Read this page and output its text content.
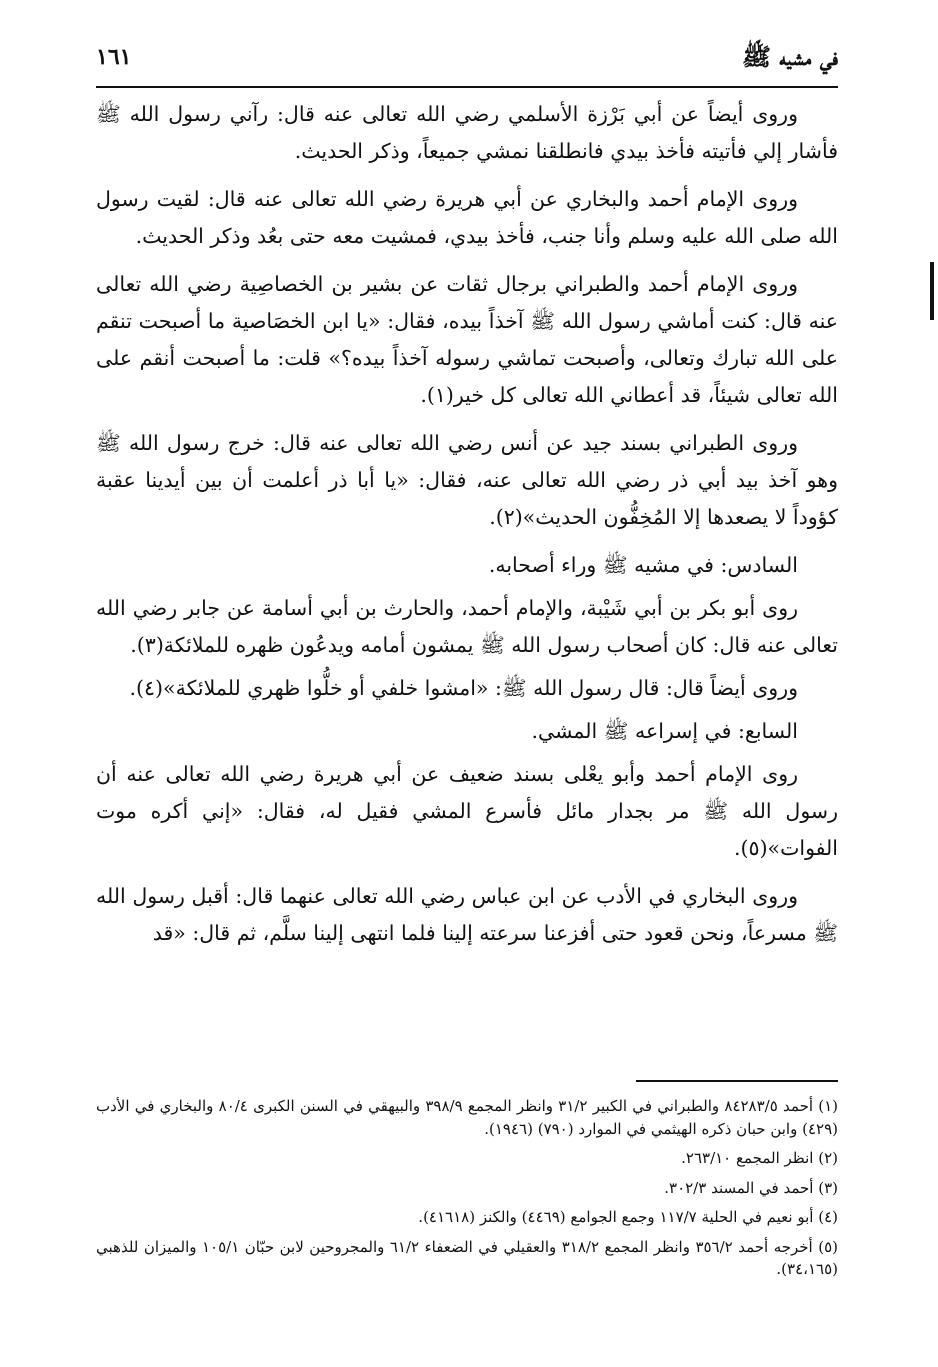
في مشيه ﷺ
١٦١

وروى أيضاً عن أبي بَرْزة الأسلمي رضي الله تعالى عنه قال: رآني رسول الله ﷺ فأشار إلي فأتيته فأخذ بيدي فانطلقنا نمشي جميعاً، وذكر الحديث.

وروى الإمام أحمد والبخاري عن أبي هريرة رضي الله تعالى عنه قال: لقيت رسول الله صلى الله عليه وسلم وأنا جنب، فأخذ بيدي، فمشيت معه حتى بعُد وذكر الحديث.

وروى الإمام أحمد والطبراني برجال ثقات عن بشير بن الخصاصِية رضي الله تعالى عنه قال: كنت أماشي رسول الله ﷺ آخذاً بيده، فقال: «يا ابن الخصَاصية ما أصبحت تنقم على الله تبارك وتعالى، وأصبحت تماشي رسوله آخذاً بيده؟» قلت: ما أصبحت أنقم على الله تعالى شيئاً، قد أعطاني الله تعالى كل خير(١).

وروى الطبراني بسند جيد عن أنس رضي الله تعالى عنه قال: خرج رسول الله ﷺ وهو آخذ بيد أبي ذر رضي الله تعالى عنه، فقال: «يا أبا ذر أعلمت أن بين أيدينا عقبة كؤوداً لا يصعدها إلا المُخِفُّون الحديث»(٢).

السادس: في مشيه ﷺ وراء أصحابه.

روى أبو بكر بن أبي شَيْبة، والإمام أحمد، والحارث بن أبي أسامة عن جابر رضي الله تعالى عنه قال: كان أصحاب رسول الله ﷺ يمشون أمامه ويدعُون ظهره للملائكة(٣).

وروى أيضاً قال: قال رسول الله ﷺ: «امشوا خلفي أو خلُّوا ظهري للملائكة»(٤).

السابع: في إسراعه ﷺ المشي.

روى الإمام أحمد وأبو يعْلى بسند ضعيف عن أبي هريرة رضي الله تعالى عنه أن رسول الله ﷺ مر بجدار مائل فأسرع المشي فقيل له، فقال: «إني أكره موت الفوات»(٥).

وروى البخاري في الأدب عن ابن عباس رضي الله تعالى عنهما قال: أقبل رسول الله ﷺ مسرعاً، ونحن قعود حتى أفزعنا سرعته إلينا فلما انتهى إلينا سلَّم، ثم قال: «قد

(١) أحمد ٨٤٢٨٣/٥ والطبراني في الكبير ٣١/٢ وانظر المجمع ٣٩٨/٩ والبيهقي في السنن الكبرى ٨٠/٤ والبخاري في الأدب (٤٢٩) وابن حبان ذكره الهيثمي في الموارد (٧٩٠) (١٩٤٦).

(٢) انظر المجمع ٢٦٣/١٠.

(٣) أحمد في المسند ٣٠٢/٣.

(٤) أبو نعيم في الحلية ١١٧/٧ وجمع الجوامع (٤٤٦٩) والكنز (٤١٦١٨).

(٥) أخرجه أحمد ٣٥٦/٢ وانظر المجمع ٣١٨/٢ والعقيلي في الضعفاء ٦١/٢ والمجروحين لابن حبّان ١٠٥/١ والميزان للذهبي (٣٤،١٦٥).
